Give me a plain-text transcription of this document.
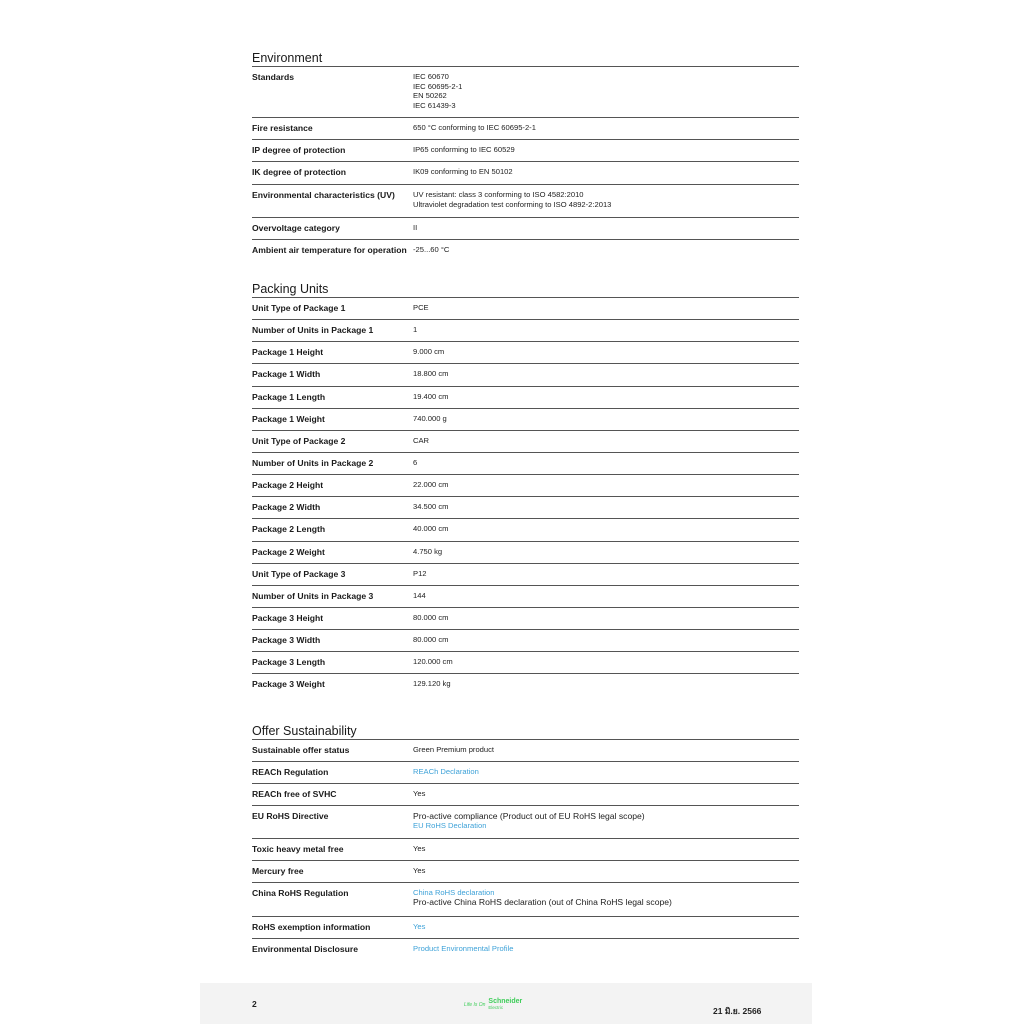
Environment
Standards	IEC 60670
IEC 60695-2-1
EN 50262
IEC 61439-3
Fire resistance	650 °C conforming to IEC 60695-2-1
IP degree of protection	IP65 conforming to IEC 60529
IK degree of protection	IK09 conforming to EN 50102
Environmental characteristics (UV)	UV resistant: class 3 conforming to ISO 4582:2010
Ultraviolet degradation test conforming to ISO 4892-2:2013
Overvoltage category	II
Ambient air temperature for operation -25...60 °C
Packing Units
Unit Type of Package 1	PCE
Number of Units in Package 1	1
Package 1 Height	9.000 cm
Package 1 Width	18.800 cm
Package 1 Length	19.400 cm
Package 1 Weight	740.000 g
Unit Type of Package 2	CAR
Number of Units in Package 2	6
Package 2 Height	22.000 cm
Package 2 Width	34.500 cm
Package 2 Length	40.000 cm
Package 2 Weight	4.750 kg
Unit Type of Package 3	P12
Number of Units in Package 3	144
Package 3 Height	80.000 cm
Package 3 Width	80.000 cm
Package 3 Length	120.000 cm
Package 3 Weight	129.120 kg
Offer Sustainability
Sustainable offer status	Green Premium product
REACh Regulation	REACh Declaration
REACh free of SVHC	Yes
EU RoHS Directive	Pro-active compliance (Product out of EU RoHS legal scope)
EU RoHS Declaration
Toxic heavy metal free	Yes
Mercury free	Yes
China RoHS Regulation	China RoHS declaration
Pro-active China RoHS declaration (out of China RoHS legal scope)
RoHS exemption information	Yes
Environmental Disclosure	Product Environmental Profile
2	Life Is On Schneider
Electric	21 มิ.ย. 2566
